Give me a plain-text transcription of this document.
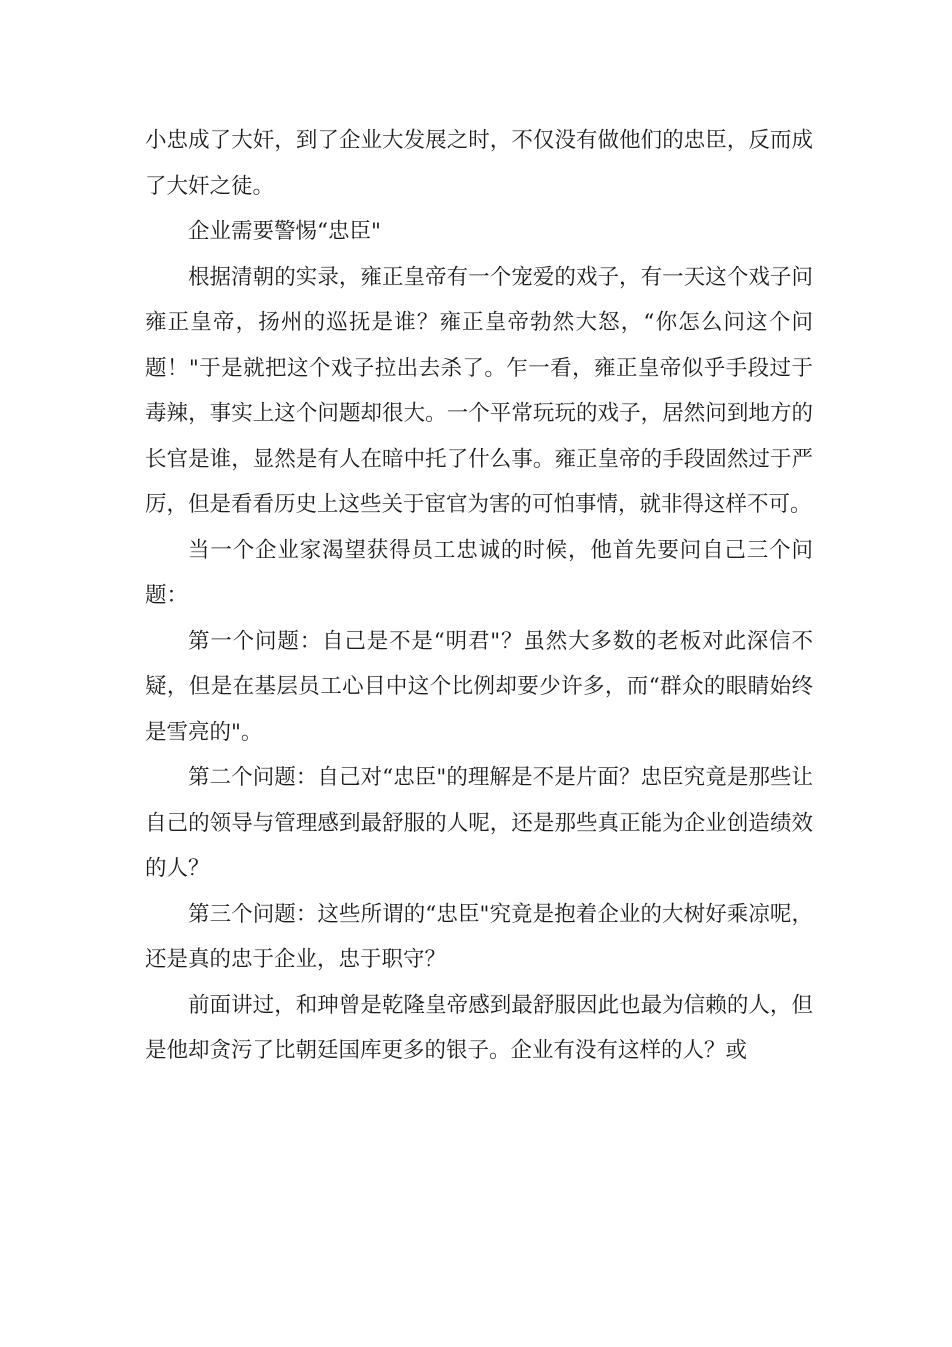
小忠成了大奸，到了企业大发展之时，不仅没有做他们的忠臣，反而成了大奸之徒。

企业需要警惕“忠臣"

根据清朝的实录，雍正皇帝有一个宠爱的戏子，有一天这个戏子问雍正皇帝，扬州的巡抚是谁？雍正皇帝勃然大怒，“你怎么问这个问题！"于是就把这个戏子拉出去杀了。乍一看，雍正皇帝似乎手段过于毒辣，事实上这个问题却很大。一个平常玩玩的戏子，居然问到地方的长官是谁，显然是有人在暗中托了什么事。雍正皇帝的手段固然过于严厉，但是看看历史上这些关于宦官为害的可怕事情，就非得这样不可。

当一个企业家渴望获得员工忠诚的时候，他首先要问自己三个问题：

第一个问题：自己是不是“明君"？虽然大多数的老板对此深信不疑，但是在基层员工心目中这个比例却要少许多，而“群众的眼睛始终是雪亮的"。

第二个问题：自己对“忠臣"的理解是不是片面？忠臣究竟是那些让自己的领导与管理感到最舒服的人呢，还是那些真正能为企业创造绩效的人？

第三个问题：这些所谓的“忠臣"究竟是抱着企业的大树好乘凉呢，还是真的忠于企业，忠于职守？

前面讲过，和珅曾是乾隆皇帝感到最舒服因此也最为信赖的人，但是他却贪污了比朝廷国库更多的银子。企业有没有这样的人？或
